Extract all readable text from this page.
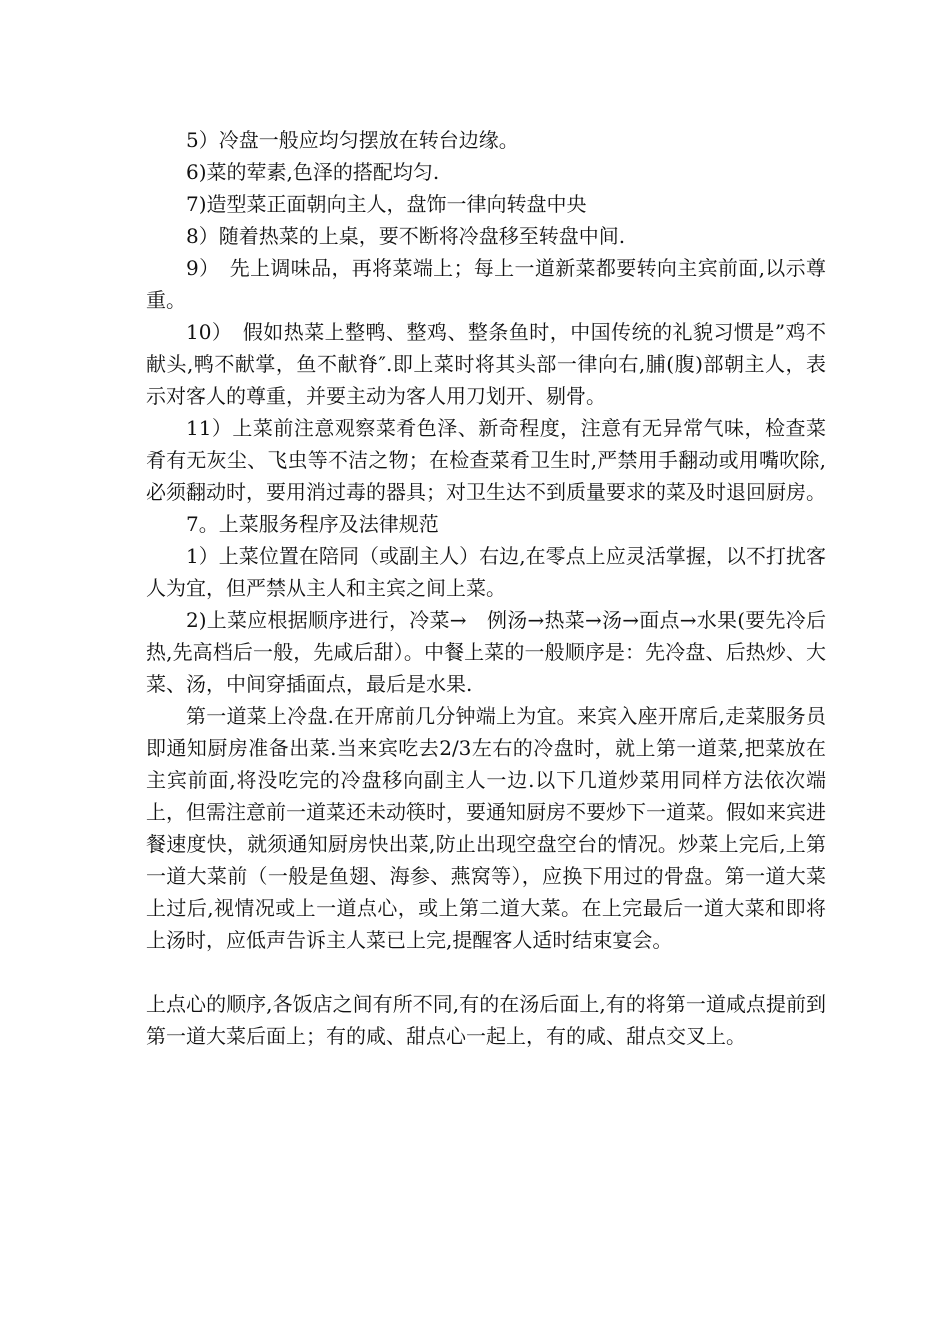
5）冷盘一般应均匀摆放在转台边缘。

6)菜的荤素,色泽的搭配均匀.

7)造型菜正面朝向主人，盘饰一律向转盘中央

8）随着热菜的上桌，要不断将冷盘移至转盘中间.

9）　先上调味品，再将菜端上；每上一道新菜都要转向主宾前面,以示尊重。

10）　假如热菜上整鸭、整鸡、整条鱼时，中国传统的礼貌习惯是”鸡不献头,鸭不献掌，鱼不献脊″.即上菜时将其头部一律向右,脯(腹)部朝主人，表示对客人的尊重，并要主动为客人用刀划开、剔骨。

11）上菜前注意观察菜肴色泽、新奇程度，注意有无异常气味，检查菜肴有无灰尘、飞虫等不洁之物；在检查菜肴卫生时,严禁用手翻动或用嘴吹除,必须翻动时，要用消过毒的器具；对卫生达不到质量要求的菜及时退回厨房。

7。上菜服务程序及法律规范

1）上菜位置在陪同（或副主人）右边,在零点上应灵活掌握，以不打扰客人为宜，但严禁从主人和主宾之间上菜。

2)上菜应根据顺序进行，冷菜→　例汤→热菜→汤→面点→水果(要先冷后热,先高档后一般，先咸后甜）。中餐上菜的一般顺序是：先冷盘、后热炒、大菜、汤，中间穿插面点，最后是水果.

第一道菜上冷盘.在开席前几分钟端上为宜。来宾入座开席后,走菜服务员即通知厨房准备出菜.当来宾吃去2/3左右的冷盘时，就上第一道菜,把菜放在主宾前面,将没吃完的冷盘移向副主人一边.以下几道炒菜用同样方法依次端上，但需注意前一道菜还未动筷时，要通知厨房不要炒下一道菜。假如来宾进餐速度快，就须通知厨房快出菜,防止出现空盘空台的情况。炒菜上完后,上第一道大菜前（一般是鱼翅、海参、燕窝等），应换下用过的骨盘。第一道大菜上过后,视情况或上一道点心，或上第二道大菜。在上完最后一道大菜和即将上汤时，应低声告诉主人菜已上完,提醒客人适时结束宴会。

上点心的顺序,各饭店之间有所不同,有的在汤后面上,有的将第一道咸点提前到第一道大菜后面上；有的咸、甜点心一起上，有的咸、甜点交叉上。
